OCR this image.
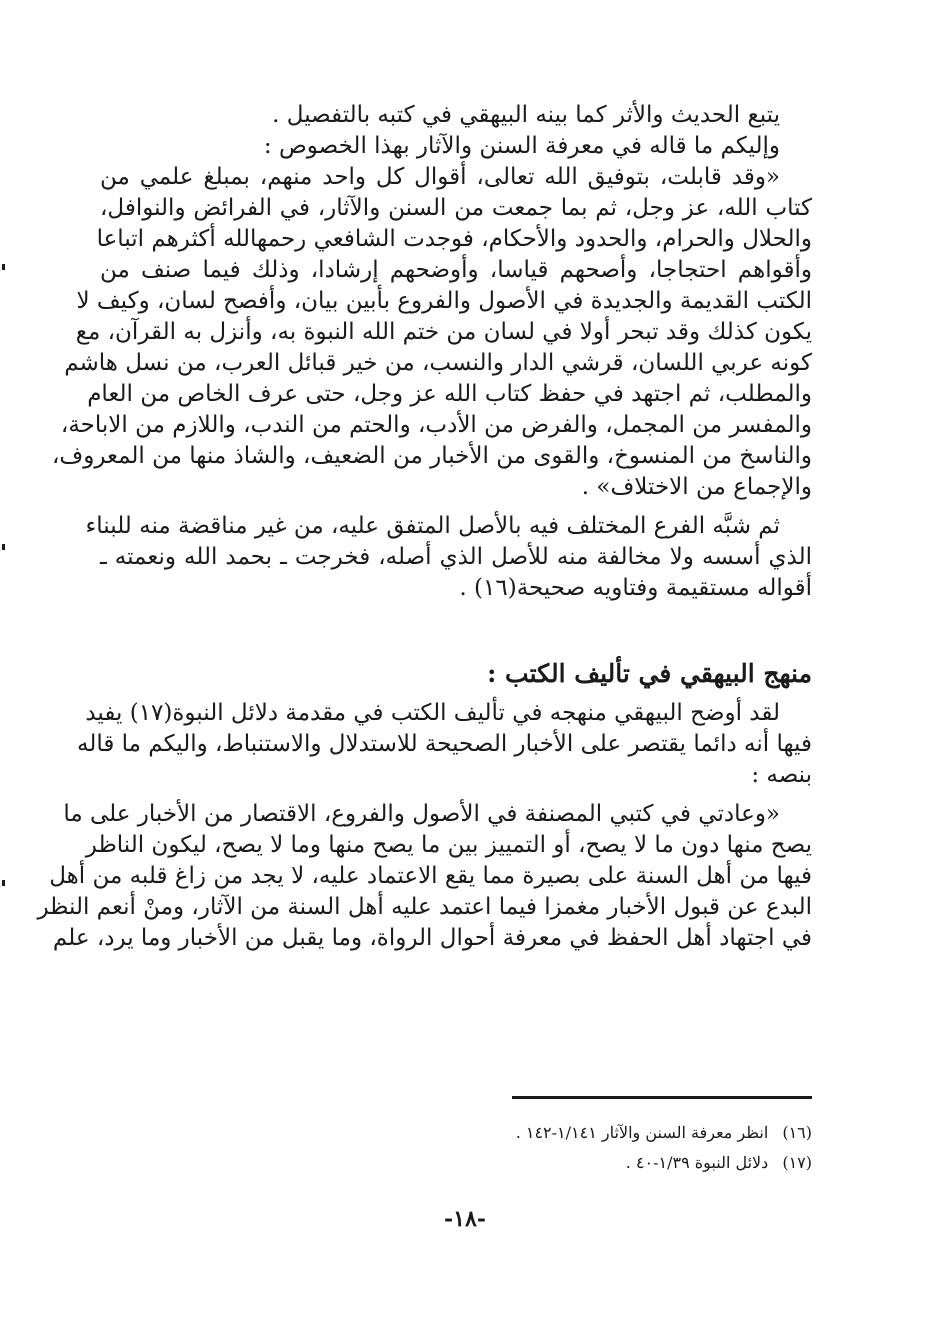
يتبع الحديث والأثر كما بينه البيهقي في كتبه بالتفصيل .
وإليكم ما قاله في معرفة السنن والآثار بهذا الخصوص :
«وقد قابلت، بتوفيق الله تعالى، أقوال كل واحد منهم، بمبلغ علمي من
كتاب الله، عز وجل، ثم بما جمعت من السنن والآثار، في الفرائض والنوافل،
والحلال والحرام، والحدود والأحكام، فوجدت الشافعي رحمهالله أكثرهم اتباعا
وأقواهم احتجاجا، وأصحهم قياسا، وأوضحهم إرشادا، وذلك فيما صنف من
الكتب القديمة والجديدة في الأصول والفروع بأبين بيان، وأفصح لسان، وكيف لا
يكون كذلك وقد تبحر أولا في لسان من ختم الله النبوة به، وأنزل به القرآن، مع
كونه عربي اللسان، قرشي الدار والنسب، من خير قبائل العرب، من نسل هاشم
والمطلب، ثم اجتهد في حفظ كتاب الله عز وجل، حتى عرف الخاص من العام
والمفسر من المجمل، والفرض من الأدب، والحتم من الندب، واللازم من الاباحة،
والناسخ من المنسوخ، والقوى من الأخبار من الضعيف، والشاذ منها من المعروف،
والإجماع من الاختلاف» .
ثم شبَّه الفرع المختلف فيه بالأصل المتفق عليه، من غير مناقضة منه للبناء
الذي أسسه ولا مخالفة منه للأصل الذي أصله، فخرجت ـ بحمد الله ونعمته ـ
أقواله مستقيمة وفتاويه صحيحة(١٦) .
منهج البيهقي في تأليف الكتب :
لقد أوضح البيهقي منهجه في تأليف الكتب في مقدمة دلائل النبوة(١٧) يفيد
فيها أنه دائما يقتصر على الأخبار الصحيحة للاستدلال والاستنباط، واليكم ما قاله
بنصه :
«وعادتي في كتبي المصنفة في الأصول والفروع، الاقتصار من الأخبار على ما
يصح منها دون ما لا يصح، أو التمييز بين ما يصح منها وما لا يصح، ليكون الناظر
فيها من أهل السنة على بصيرة مما يقع الاعتماد عليه، لا يجد من زاغ قلبه من أهل
البدع عن قبول الأخبار مغمزا فيما اعتمد عليه أهل السنة من الآثار، ومنْ أنعم النظر
في اجتهاد أهل الحفظ في معرفة أحوال الرواة، وما يقبل من الأخبار وما يرد، علم
(١٦)انظر معرفة السنن والآثار ١/١٤١-١٤٢ .
(١٧)دلائل النبوة ١/٣٩-٤٠ .
-١٨-
